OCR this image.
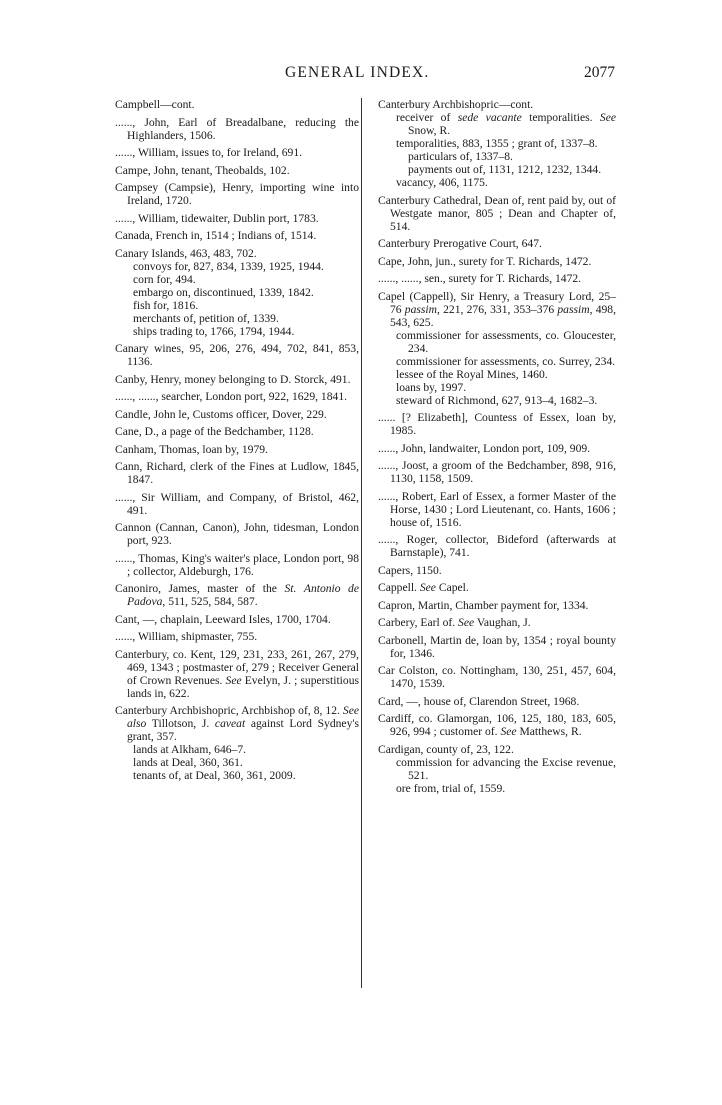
GENERAL INDEX.	2077
Campbell—cont.
......, John, Earl of Breadalbane, reducing the Highlanders, 1506.
......, William, issues to, for Ireland, 691.
Campe, John, tenant, Theobalds, 102.
Campsey (Campsie), Henry, importing wine into Ireland, 1720.
......, William, tidewaiter, Dublin port, 1783.
Canada, French in, 1514 ; Indians of, 1514.
Canary Islands, 463, 483, 702.
convoys for, 827, 834, 1339, 1925, 1944.
corn for, 494.
embargo on, discontinued, 1339, 1842.
fish for, 1816.
merchants of, petition of, 1339.
ships trading to, 1766, 1794, 1944.
Canary wines, 95, 206, 276, 494, 702, 841, 853, 1136.
Canby, Henry, money belonging to D. Storck, 491.
......, ......, searcher, London port, 922, 1629, 1841.
Candle, John le, Customs officer, Dover, 229.
Cane, D., a page of the Bedchamber, 1128.
Canham, Thomas, loan by, 1979.
Cann, Richard, clerk of the Fines at Ludlow, 1845, 1847.
......, Sir William, and Company, of Bristol, 462, 491.
Cannon (Cannan, Canon), John, tidesman, London port, 923.
......, Thomas, King's waiter's place, London port, 98 ; collector, Aldeburgh, 176.
Canoniro, James, master of the St. Antonio de Padova, 511, 525, 584, 587.
Cant, —, chaplain, Leeward Isles, 1700, 1704.
......, William, shipmaster, 755.
Canterbury, co. Kent, 129, 231, 233, 261, 267, 279, 469, 1343 ; postmaster of, 279 ; Receiver General of Crown Revenues. See Evelyn, J. ; superstitious lands in, 622.
Canterbury Archbishopric, Archbishop of, 8, 12. See also Tillotson, J. caveat against Lord Sydney's grant, 357.
lands at Alkham, 646–7.
lands at Deal, 360, 361.
tenants of, at Deal, 360, 361, 2009.
Canterbury Archbishopric—cont.
receiver of sede vacante temporalities. See Snow, R.
temporalities, 883, 1355 ; grant of, 1337–8.
particulars of, 1337–8.
payments out of, 1131, 1212, 1232, 1344.
vacancy, 406, 1175.
Canterbury Cathedral, Dean of, rent paid by, out of Westgate manor, 805 ; Dean and Chapter of, 514.
Canterbury Prerogative Court, 647.
Cape, John, jun., surety for T. Richards, 1472.
......, ......, sen., surety for T. Richards, 1472.
Capel (Cappell), Sir Henry, a Treasury Lord, 25–76 passim, 221, 276, 331, 353–376 passim, 498, 543, 625.
commissioner for assessments, co. Gloucester, 234.
commissioner for assessments, co. Surrey, 234.
lessee of the Royal Mines, 1460.
loans by, 1997.
steward of Richmond, 627, 913–4, 1682–3.
...... [? Elizabeth], Countess of Essex, loan by, 1985.
......, John, landwaiter, London port, 109, 909.
......, Joost, a groom of the Bedchamber, 898, 916, 1130, 1158, 1509.
......, Robert, Earl of Essex, a former Master of the Horse, 1430 ; Lord Lieutenant, co. Hants, 1606 ; house of, 1516.
......, Roger, collector, Bideford (afterwards at Barnstaple), 741.
Capers, 1150.
Cappell. See Capel.
Capron, Martin, Chamber payment for, 1334.
Carbery, Earl of. See Vaughan, J.
Carbonell, Martin de, loan by, 1354 ; royal bounty for, 1346.
Car Colston, co. Nottingham, 130, 251, 457, 604, 1470, 1539.
Card, —, house of, Clarendon Street, 1968.
Cardiff, co. Glamorgan, 106, 125, 180, 183, 605, 926, 994 ; customer of. See Matthews, R.
Cardigan, county of, 23, 122.
commission for advancing the Excise revenue, 521.
ore from, trial of, 1559.
